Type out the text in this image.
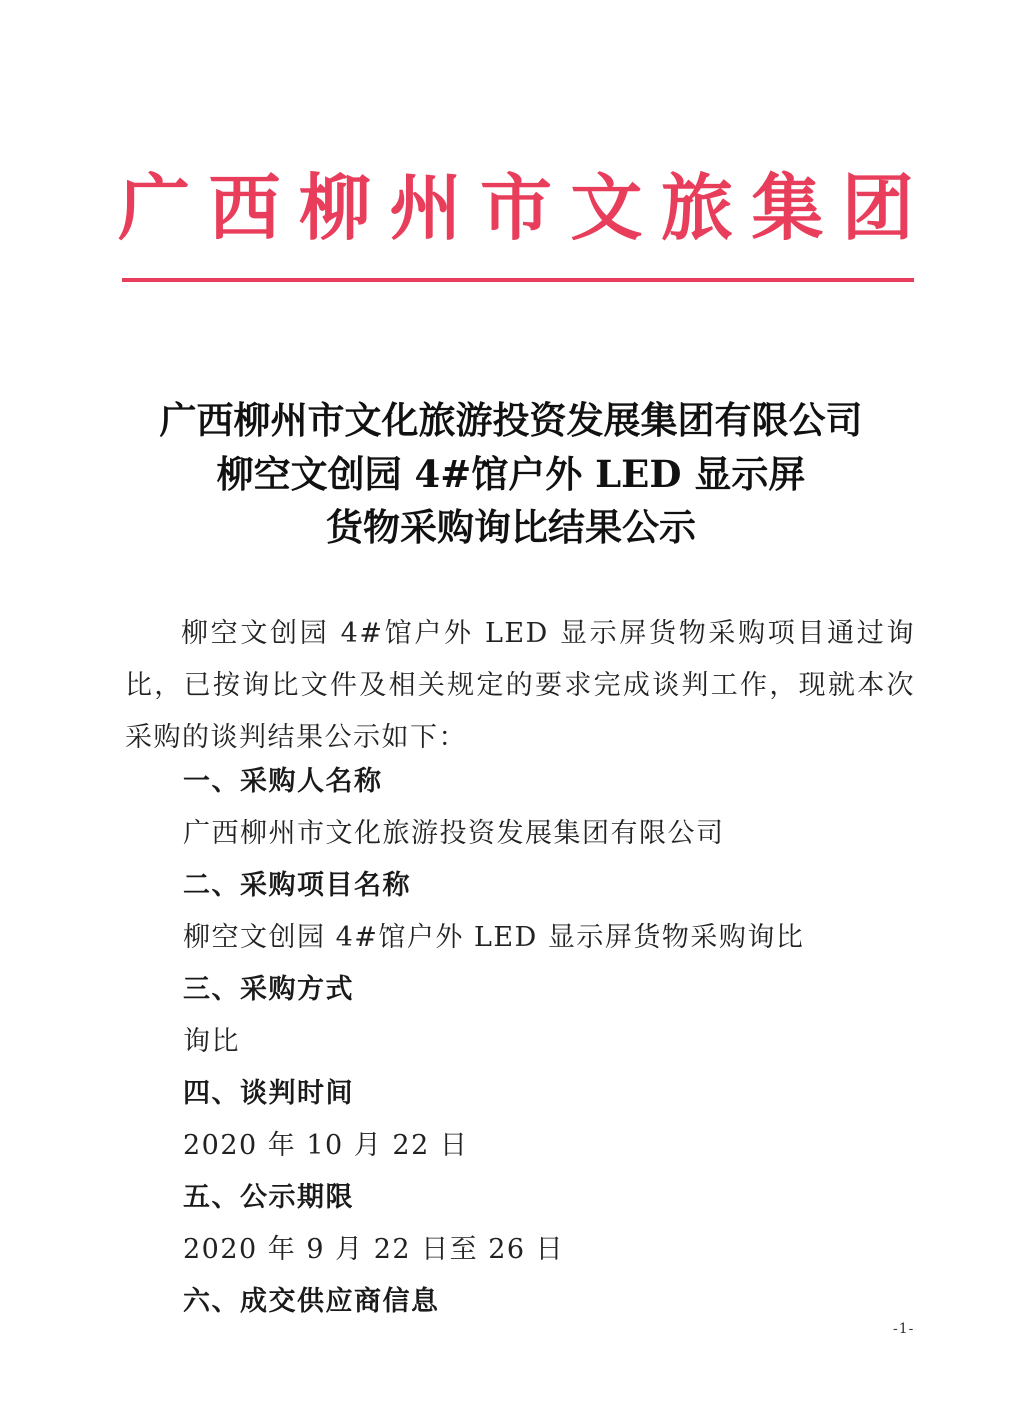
广 西 柳 州 市 文 旅 集 团
广西柳州市文化旅游投资发展集团有限公司
柳空文创园 4#馆户外 LED 显示屏
货物采购询比结果公示
柳空文创园 4#馆户外 LED 显示屏货物采购项目通过询比，已按询比文件及相关规定的要求完成谈判工作，现就本次采购的谈判结果公示如下：
一、采购人名称
广西柳州市文化旅游投资发展集团有限公司
二、采购项目名称
柳空文创园 4#馆户外 LED 显示屏货物采购询比
三、采购方式
询比
四、谈判时间
2020 年 10 月 22 日
五、公示期限
2020 年 9 月 22 日至 26 日
六、成交供应商信息
-1-
